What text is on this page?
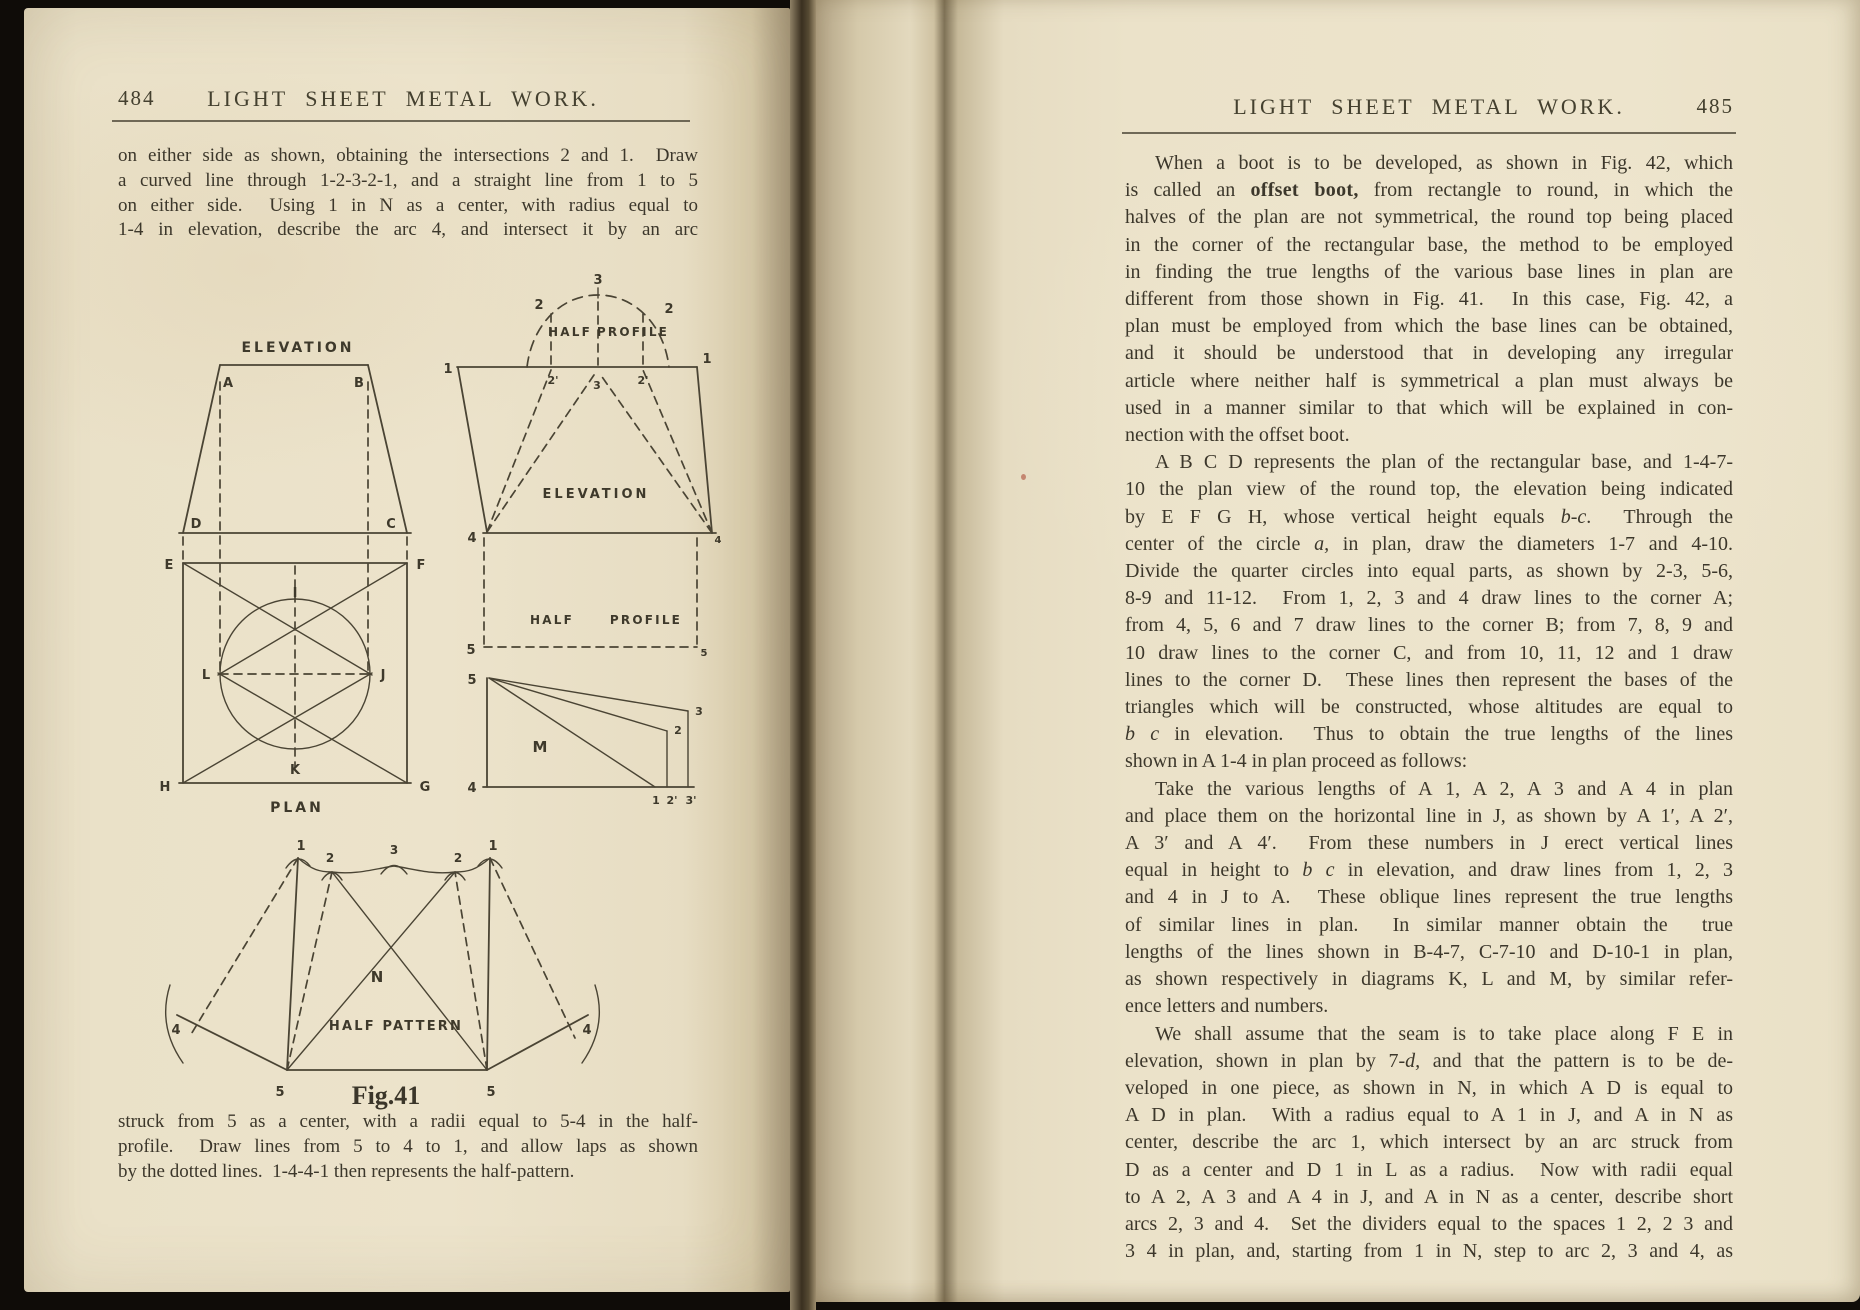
484	LIGHT SHEET METAL WORK.
on either side as shown, obtaining the intersections 2 and 1.  Draw
a curved line through 1-2-3-2-1, and a straight line from 1 to 5
on either side.  Using 1 in N as a center, with radius equal to
1-4 in elevation, describe the arc 4, and intersect it by an arc
ELEVATION
A	B
D	C
E	F
H	G
I
L	J
K
PLAN
3
2	2
HALF PROFILE
1
1
2'	2'
3
ELEVATION
4	4
5	5
HALF	PROFILE
5
4
M
2
3
1 2' 3'
1	1
2
3
2
N
HALF PATTERN
4	4
5	5
Fig.41
struck from 5 as a center, with a radii equal to 5-4 in the half-
profile.  Draw lines from 5 to 4 to 1, and allow laps as shown
by the dotted lines.  1-4-4-1 then represents the half-pattern.
LIGHT SHEET METAL WORK.	485
When a boot is to be developed, as shown in Fig. 42, which
is called an offset boot, from rectangle to round, in which the
halves of the plan are not symmetrical, the round top being placed
in the corner of the rectangular base, the method to be employed
in finding the true lengths of the various base lines in plan are
different from those shown in Fig. 41.  In this case, Fig. 42, a
plan must be employed from which the base lines can be obtained,
and it should be understood that in developing any irregular
article where neither half is symmetrical a plan must always be
used in a manner similar to that which will be explained in con-
nection with the offset boot.
A B C D represents the plan of the rectangular base, and 1-4-7-
10 the plan view of the round top, the elevation being indicated
by E F G H, whose vertical height equals b-c.  Through the
center of the circle a, in plan, draw the diameters 1-7 and 4-10.
Divide the quarter circles into equal parts, as shown by 2-3, 5-6,
8-9 and 11-12.  From 1, 2, 3 and 4 draw lines to the corner A;
from 4, 5, 6 and 7 draw lines to the corner B; from 7, 8, 9 and
10 draw lines to the corner C, and from 10, 11, 12 and 1 draw
lines to the corner D.  These lines then represent the bases of the
triangles which will be constructed, whose altitudes are equal to
b c in elevation.  Thus to obtain the true lengths of the lines
shown in A 1-4 in plan proceed as follows:
Take the various lengths of A 1, A 2, A 3 and A 4 in plan
and place them on the horizontal line in J, as shown by A 1′, A 2′,
A 3′ and A 4′.  From these numbers in J erect vertical lines
equal in height to b c in elevation, and draw lines from 1, 2, 3
and 4 in J to A.  These oblique lines represent the true lengths
of similar lines in plan.  In similar manner obtain the  true
lengths of the lines shown in B-4-7, C-7-10 and D-10-1 in plan,
as shown respectively in diagrams K, L and M, by similar refer-
ence letters and numbers.
We shall assume that the seam is to take place along F E in
elevation, shown in plan by 7-d, and that the pattern is to be de-
veloped in one piece, as shown in N, in which A D is equal to
A D in plan.  With a radius equal to A 1 in J, and A in N as
center, describe the arc 1, which intersect by an arc struck from
D as a center and D 1 in L as a radius.  Now with radii equal
to A 2, A 3 and A 4 in J, and A in N as a center, describe short
arcs 2, 3 and 4.  Set the dividers equal to the spaces 1 2, 2 3 and
3 4 in plan, and, starting from 1 in N, step to arc 2, 3 and 4, as
